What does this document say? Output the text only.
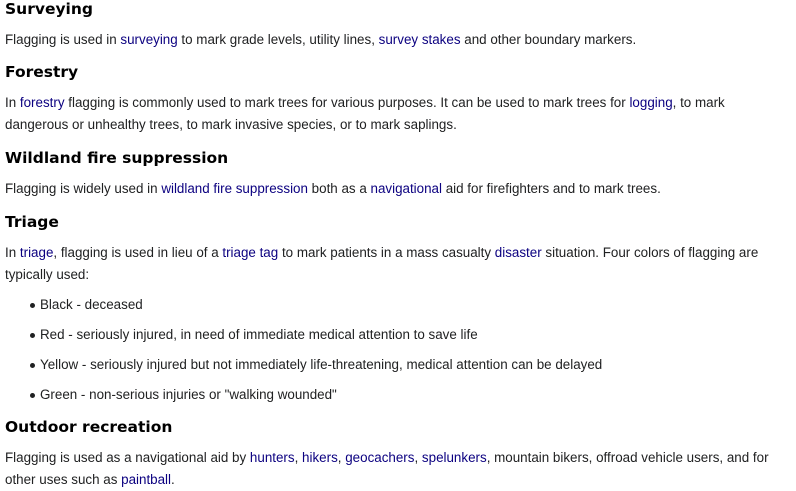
Surveying

Flagging is used in surveying to mark grade levels, utility lines, survey stakes and other boundary markers.

Forestry

In forestry flagging is commonly used to mark trees for various purposes. It can be used to mark trees for logging, to mark dangerous or unhealthy trees, to mark invasive species, or to mark saplings.

Wildland fire suppression

Flagging is widely used in wildland fire suppression both as a navigational aid for firefighters and to mark trees.

Triage

In triage, flagging is used in lieu of a triage tag to mark patients in a mass casualty disaster situation. Four colors of flagging are typically used:

Black - deceased
Red - seriously injured, in need of immediate medical attention to save life
Yellow - seriously injured but not immediately life-threatening, medical attention can be delayed
Green - non-serious injuries or "walking wounded"
Outdoor recreation

Flagging is used as a navigational aid by hunters, hikers, geocachers, spelunkers, mountain bikers, offroad vehicle users, and for other uses such as paintball.
